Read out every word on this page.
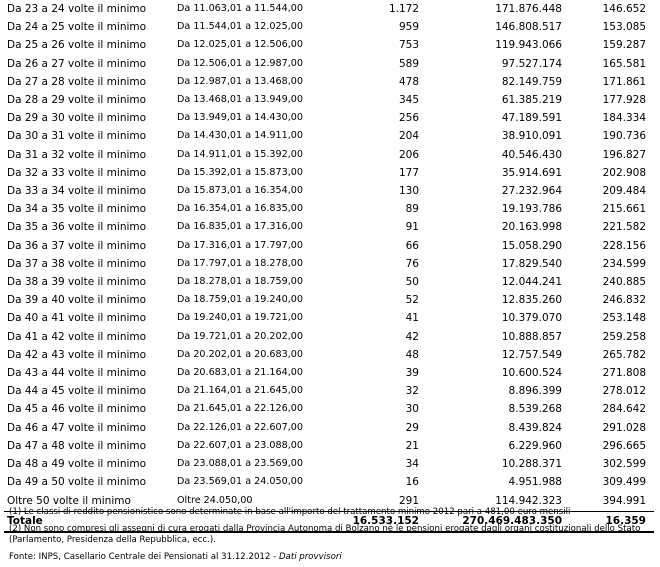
Da 23 a 24 volte il minimo	Da 11.063,01 a 11.544,00	1.172	171.876.448	146.652
Da 24 a 25 volte il minimo	Da 11.544,01 a 12.025,00	959	146.808.517	153.085
Da 25 a 26 volte il minimo	Da 12.025,01 a 12.506,00	753	119.943.066	159.287
Da 26 a 27 volte il minimo	Da 12.506,01 a 12.987,00	589	97.527.174	165.581
Da 27 a 28 volte il minimo	Da 12.987,01 a 13.468,00	478	82.149.759	171.861
Da 28 a 29 volte il minimo	Da 13.468,01 a 13.949,00	345	61.385.219	177.928
Da 29 a 30 volte il minimo	Da 13.949,01 a 14.430,00	256	47.189.591	184.334
Da 30 a 31 volte il minimo	Da 14.430,01 a 14.911,00	204	38.910.091	190.736
Da 31 a 32 volte il minimo	Da 14.911,01 a 15.392,00	206	40.546.430	196.827
Da 32 a 33 volte il minimo	Da 15.392,01 a 15.873,00	177	35.914.691	202.908
Da 33 a 34 volte il minimo	Da 15.873,01 a 16.354,00	130	27.232.964	209.484
Da 34 a 35 volte il minimo	Da 16.354,01 a 16.835,00	89	19.193.786	215.661
Da 35 a 36 volte il minimo	Da 16.835,01 a 17.316,00	91	20.163.998	221.582
Da 36 a 37 volte il minimo	Da 17.316,01 a 17.797,00	66	15.058.290	228.156
Da 37 a 38 volte il minimo	Da 17.797,01 a 18.278,00	76	17.829.540	234.599
Da 38 a 39 volte il minimo	Da 18.278,01 a 18.759,00	50	12.044.241	240.885
Da 39 a 40 volte il minimo	Da 18.759,01 a 19.240,00	52	12.835.260	246.832
Da 40 a 41 volte il minimo	Da 19.240,01 a 19.721,00	41	10.379.070	253.148
Da 41 a 42 volte il minimo	Da 19.721,01 a 20.202,00	42	10.888.857	259.258
Da 42 a 43 volte il minimo	Da 20.202,01 a 20.683,00	48	12.757.549	265.782
Da 43 a 44 volte il minimo	Da 20.683,01 a 21.164,00	39	10.600.524	271.808
Da 44 a 45 volte il minimo	Da 21.164,01 a 21.645,00	32	8.896.399	278.012
Da 45 a 46 volte il minimo	Da 21.645,01 a 22.126,00	30	8.539.268	284.642
Da 46 a 47 volte il minimo	Da 22.126,01 a 22.607,00	29	8.439.824	291.028
Da 47 a 48 volte il minimo	Da 22.607,01 a 23.088,00	21	6.229.960	296.665
Da 48 a 49 volte il minimo	Da 23.088,01 a 23.569,00	34	10.288.371	302.599
Da 49 a 50 volte il minimo	Da 23.569,01 a 24.050,00	16	4.951.988	309.499
Oltre 50 volte il minimo	Oltre 24.050,00	291	114.942.323	394.991
Totale		16.533.152	270.469.483.350	16.359

(1) Le classi di reddito pensionistico sono determinate in base all'importo del trattamento minimo 2012 pari a 481,00 euro mensili

(2) Non sono compresi gli assegni di cura erogati dalla Provincia Autonoma di Bolzano nè le pensioni erogate dagli organi costituzionali dello Stato (Parlamento, Presidenza della Repubblica, ecc.).

Fonte: INPS, Casellario Centrale dei Pensionati al 31.12.2012 - Dati provvisori
